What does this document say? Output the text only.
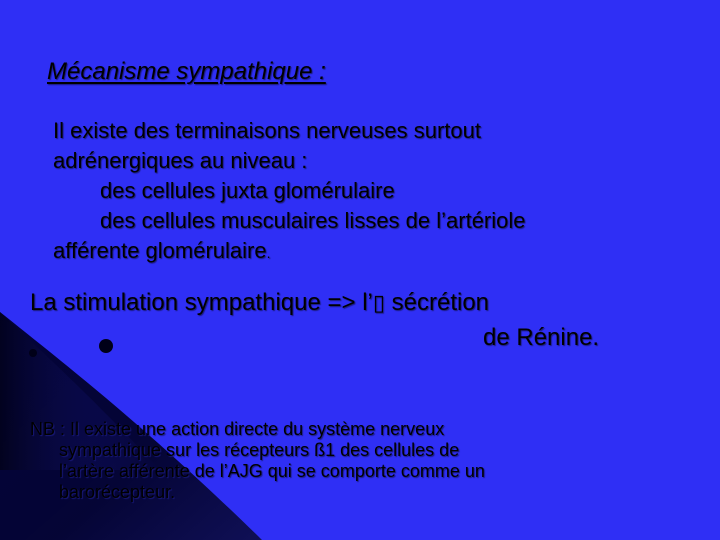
Mécanisme sympathique :
Il existe des terminaisons nerveuses surtout
adrénergiques au niveau :
des cellules juxta glomérulaire
des cellules musculaires lisses de l’artériole
afférente glomérulaire.
La stimulation sympathique => l’▯ sécrétion
de Rénine.
NB : Il existe une action directe du système nerveux
sympathique sur les récepteurs ß1 des cellules de
l’artère afférente de l’AJG qui se comporte comme un
barorécepteur.
